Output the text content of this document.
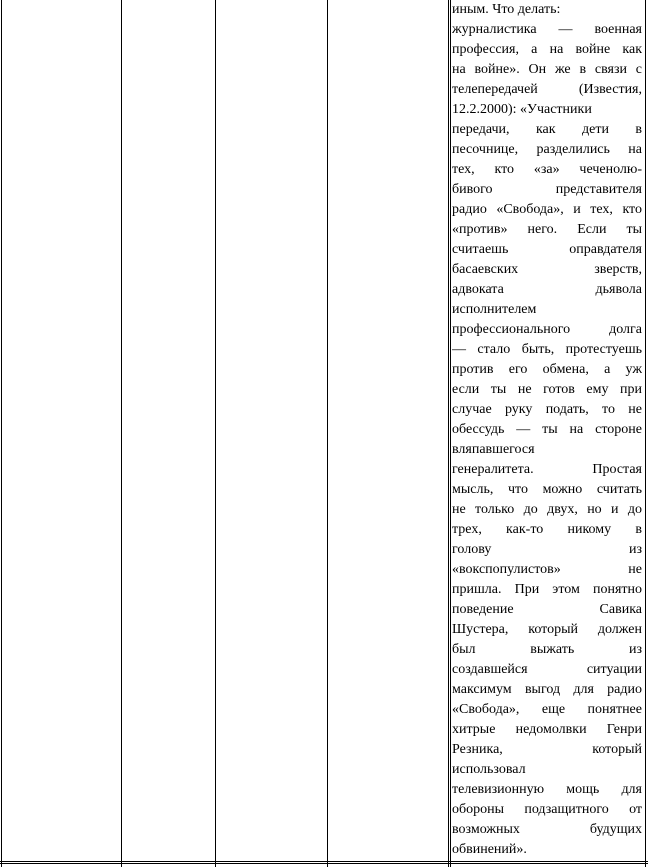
иным. Что делать:
журналистика — военная
профессия, а на войне как
на войне». Он же в связи с
телепередачей (Известия,
12.2.2000): «Участники
передачи, как дети в
песочнице, разделились на
тех, кто «за» чеченолю-
бивого представителя
радио «Свобода», и тех, кто
«против» него. Если ты
считаешь оправдателя
басаевских зверств,
адвоката дьявола
исполнителем
профессионального долга
— стало быть, протестуешь
против его обмена, а уж
если ты не готов ему при
случае руку подать, то не
обессудь — ты на стороне
вляпавшегося
генералитета. Простая
мысль, что можно считать
не только до двух, но и до
трех, как-то никому в
голову из
«вокспопулистов» не
пришла. При этом понятно
поведение Савика
Шустера, который должен
был выжать из
создавшейся ситуации
максимум выгод для радио
«Свобода», еще понятнее
хитрые недомолвки Генри
Резника, который
использовал
телевизионную мощь для
обороны подзащитного от
возможных будущих
обвинений».
